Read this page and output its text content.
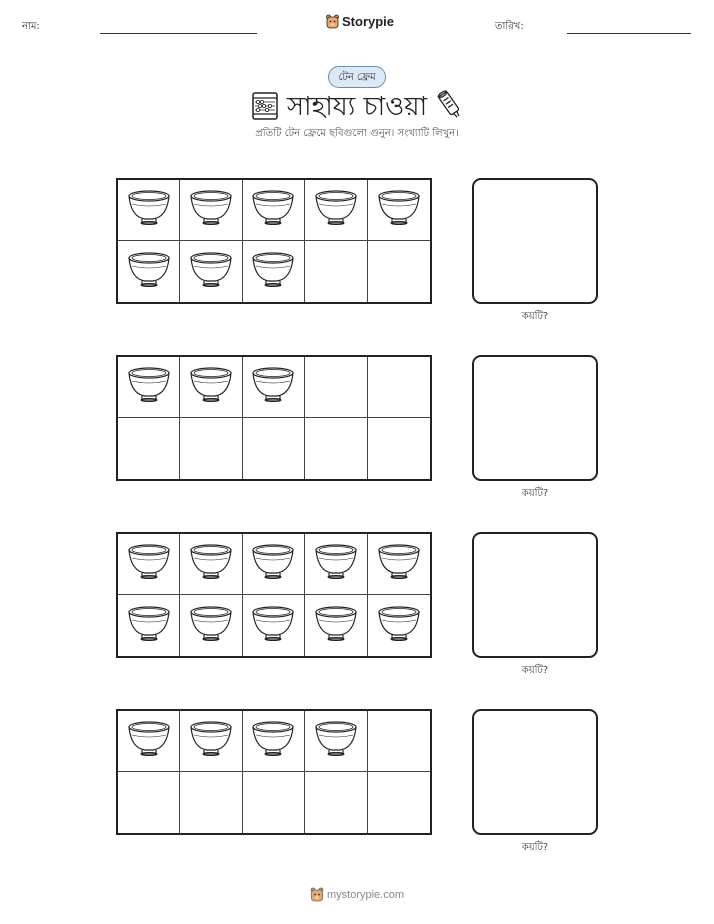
নাম:	Storypie	তারিখ:
টেন ফ্রেম
সাহায্য চাওয়া
প্রতিটি টেন ফ্রেমে ছবিগুলো গুনুন। সংখ্যাটি লিখুন।
কয়টি?
কয়টি?
কয়টি?
কয়টি?
mystorypie.com
